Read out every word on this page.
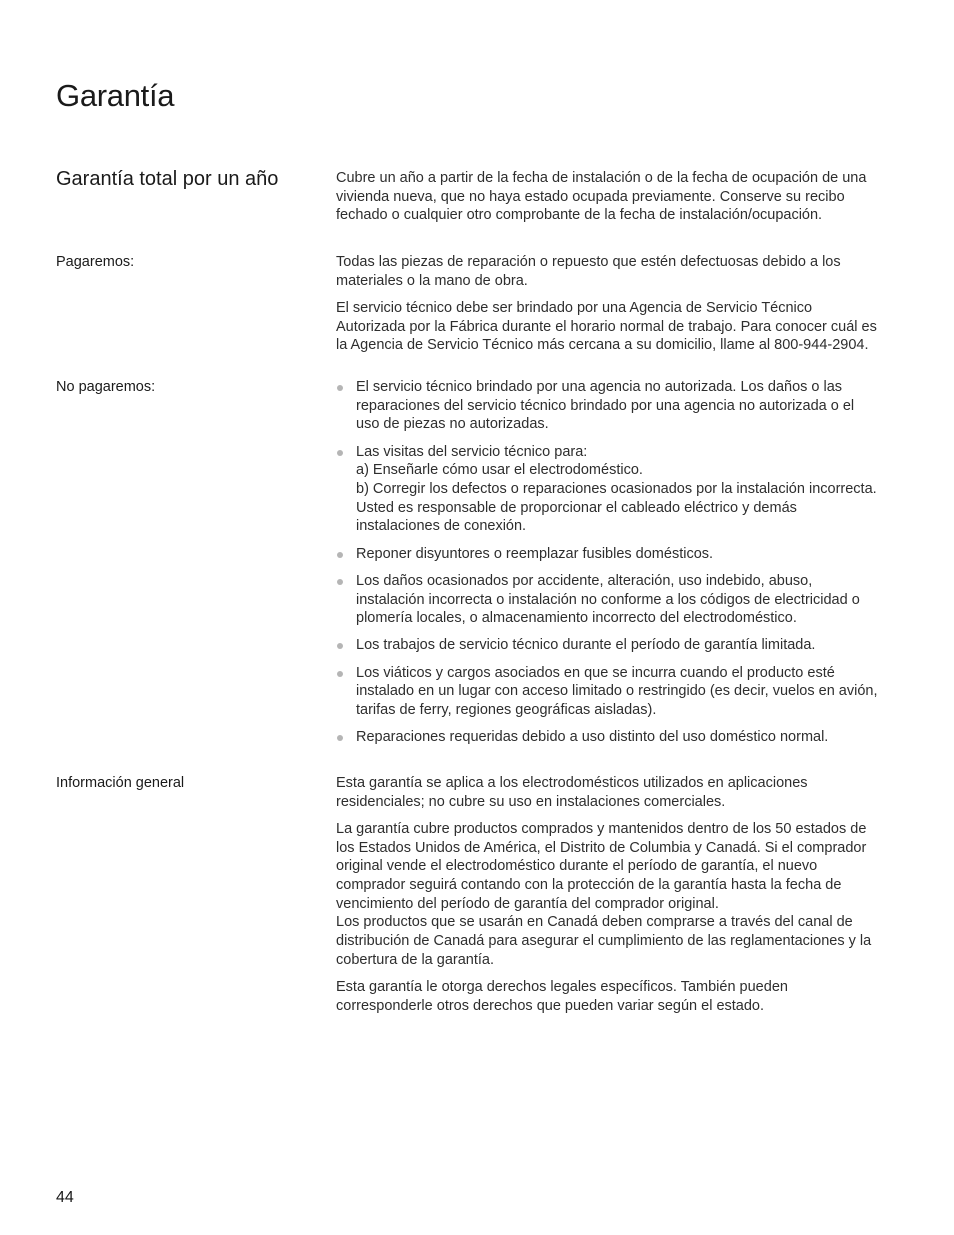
Garantía
Garantía total por un año	Cubre un año a partir de la fecha de instalación o de la fecha de ocupación de una
vivienda nueva, que no haya estado ocupada previamente. Conserve su recibo
fechado o cualquier otro comprobante de la fecha de instalación/ocupación.

Pagaremos:	Todas las piezas de reparación o repuesto que estén defectuosas debido a los
materiales o la mano de obra.

El servicio técnico debe ser brindado por una Agencia de Servicio Técnico
Autorizada por la Fábrica durante el horario normal de trabajo. Para conocer cuál es
la Agencia de Servicio Técnico más cercana a su domicilio, llame al 800-944-2904.

No pagaremos:	El servicio técnico brindado por una agencia no autorizada. Los daños o las
reparaciones del servicio técnico brindado por una agencia no autorizada o el
uso de piezas no autorizadas.
Las visitas del servicio técnico para:
a) Enseñarle cómo usar el electrodoméstico.
b) Corregir los defectos o reparaciones ocasionados por la instalación incorrecta.
Usted es responsable de proporcionar el cableado eléctrico y demás
instalaciones de conexión.
Reponer disyuntores o reemplazar fusibles domésticos.
Los daños ocasionados por accidente, alteración, uso indebido, abuso,
instalación incorrecta o instalación no conforme a los códigos de electricidad o
plomería locales, o almacenamiento incorrecto del electrodoméstico.
Los trabajos de servicio técnico durante el período de garantía limitada.
Los viáticos y cargos asociados en que se incurra cuando el producto esté
instalado en un lugar con acceso limitado o restringido (es decir, vuelos en avión,
tarifas de ferry, regiones geográficas aisladas).
Reparaciones requeridas debido a uso distinto del uso doméstico normal.
Información general	Esta garantía se aplica a los electrodomésticos utilizados en aplicaciones
residenciales; no cubre su uso en instalaciones comerciales.

La garantía cubre productos comprados y mantenidos dentro de los 50 estados de
los Estados Unidos de América, el Distrito de Columbia y Canadá. Si el comprador
original vende el electrodoméstico durante el período de garantía, el nuevo
comprador seguirá contando con la protección de la garantía hasta la fecha de
vencimiento del período de garantía del comprador original.
Los productos que se usarán en Canadá deben comprarse a través del canal de
distribución de Canadá para asegurar el cumplimiento de las reglamentaciones y la
cobertura de la garantía.

Esta garantía le otorga derechos legales específicos. También pueden
corresponderle otros derechos que pueden variar según el estado.

44
